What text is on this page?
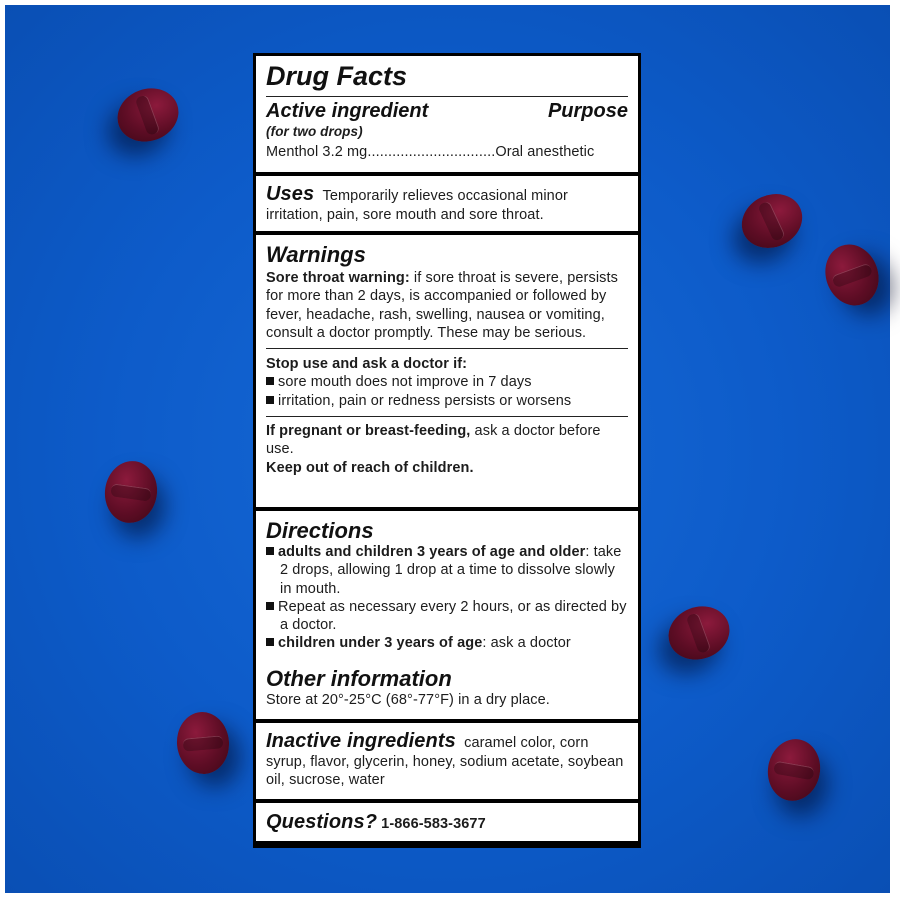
Drug Facts
Active ingredient	Purpose
(for two drops)
Menthol 3.2 mg...............................Oral anesthetic
Uses Temporarily relieves occasional minor irritation, pain, sore mouth and sore throat.
Warnings
Sore throat warning: if sore throat is severe, persists for more than 2 days, is accompanied or followed by fever, headache, rash, swelling, nausea or vomiting, consult a doctor promptly. These may be serious.
Stop use and ask a doctor if:
sore mouth does not improve in 7 days
irritation, pain or redness persists or worsens
If pregnant or breast-feeding, ask a doctor before use.
Keep out of reach of children.
Directions
adults and children 3 years of age and older: take 2 drops, allowing 1 drop at a time to dissolve slowly in mouth.
Repeat as necessary every 2 hours, or as directed by a doctor.
children under 3 years of age: ask a doctor
Other information
Store at 20°-25°C (68°-77°F) in a dry place.
Inactive ingredients caramel color, corn syrup, flavor, glycerin, honey, sodium acetate, soybean oil, sucrose, water
Questions? 1-866-583-3677
